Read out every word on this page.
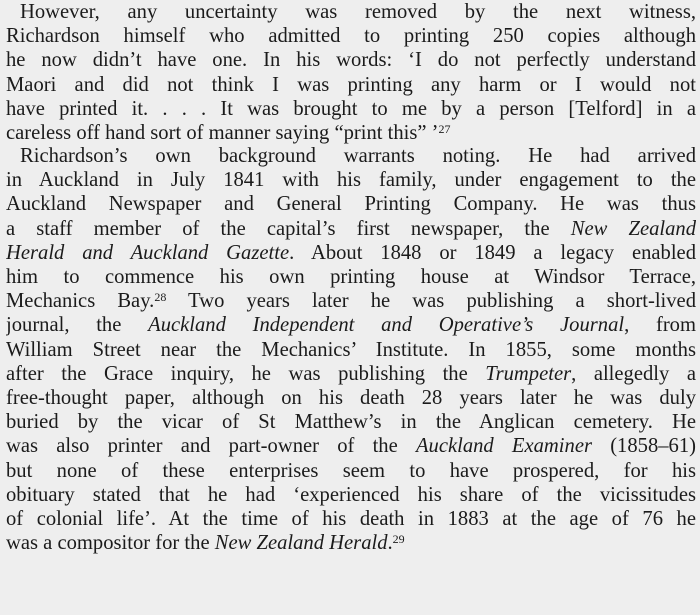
However, any uncertainty was removed by the next witness,
Richardson himself who admitted to printing 250 copies although
he now didn’t have one. In his words: ‘I do not perfectly understand
Maori and did not think I was printing any harm or I would not
have printed it. . . . It was brought to me by a person [Telford] in a
careless off hand sort of manner saying “print this” ’$^{27}$

Richardson’s own background warrants noting. He had arrived
in Auckland in July 1841 with his family, under engagement to the
Auckland Newspaper and General Printing Company. He was thus
a staff member of the capital’s first newspaper, the New Zealand
Herald and Auckland Gazette. About 1848 or 1849 a legacy enabled
him to commence his own printing house at Windsor Terrace,
Mechanics Bay.$^{28}$ Two years later he was publishing a short-lived
journal, the Auckland Independent and Operative’s Journal, from
William Street near the Mechanics’ Institute. In 1855, some months
after the Grace inquiry, he was publishing the Trumpeter, allegedly a
free-thought paper, although on his death 28 years later he was duly
buried by the vicar of St Matthew’s in the Anglican cemetery. He
was also printer and part-owner of the Auckland Examiner (1858–61)
but none of these enterprises seem to have prospered, for his
obituary stated that he had ‘experienced his share of the vicissitudes
of colonial life’. At the time of his death in 1883 at the age of 76 he
was a compositor for the New Zealand Herald.$^{29}$
